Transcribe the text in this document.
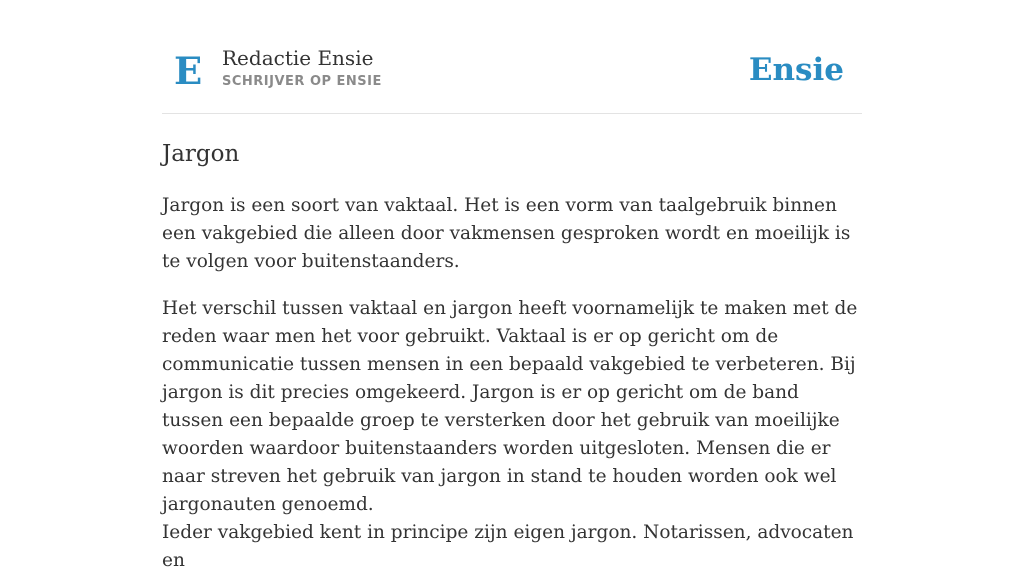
E Redactie Ensie
SCHRIJVER OP ENSIE	Ensie
Jargon

Jargon is een soort van vaktaal. Het is een vorm van taalgebruik binnen een vakgebied die alleen door vakmensen gesproken wordt en moeilijk is te volgen voor buitenstaanders.

Het verschil tussen vaktaal en jargon heeft voornamelijk te maken met de reden waar men het voor gebruikt. Vaktaal is er op gericht om de communicatie tussen mensen in een bepaald vakgebied te verbeteren. Bij jargon is dit precies omgekeerd. Jargon is er op gericht om de band tussen een bepaalde groep te versterken door het gebruik van moeilijke woorden waardoor buitenstaanders worden uitgesloten. Mensen die er naar streven het gebruik van jargon in stand te houden worden ook wel jargonauten genoemd.

Ieder vakgebied kent in principe zijn eigen jargon. Notarissen, advocaten en
